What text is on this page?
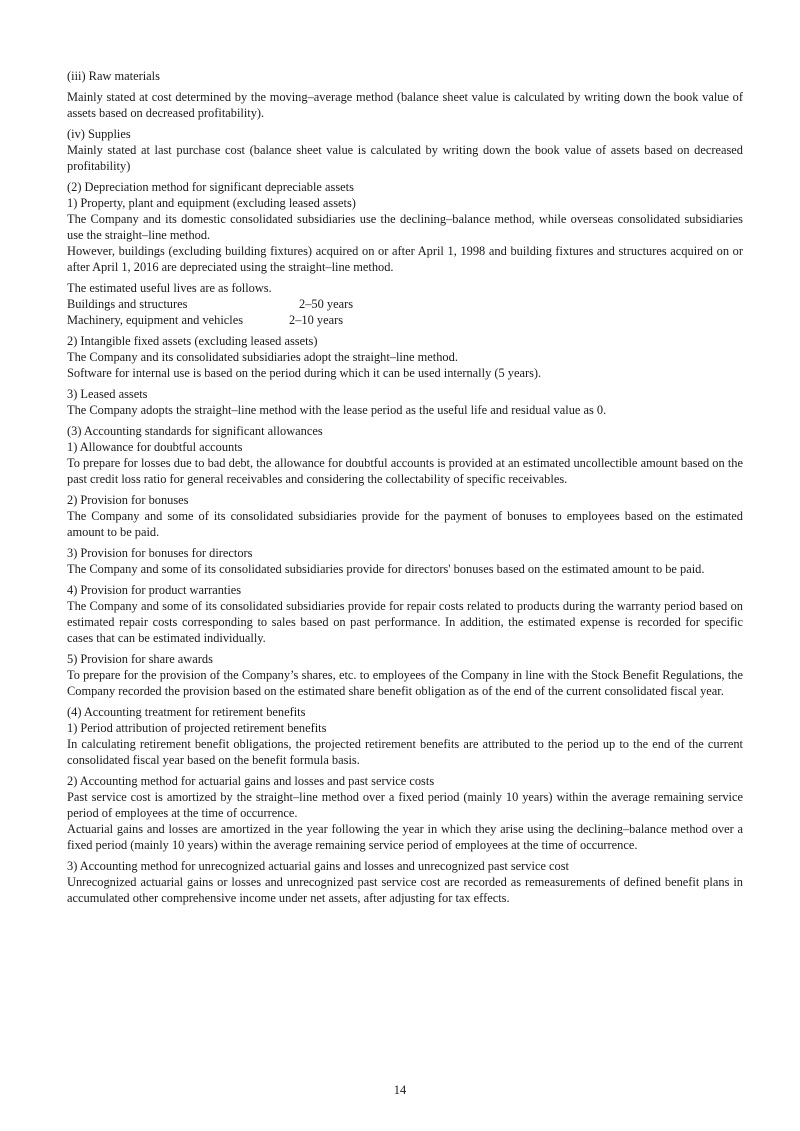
(iii) Raw materials

Mainly stated at cost determined by the moving–average method (balance sheet value is calculated by writing down the book value of assets based on decreased profitability).

(iv) Supplies

Mainly stated at last purchase cost (balance sheet value is calculated by writing down the book value of assets based on decreased profitability)

(2) Depreciation method for significant depreciable assets
1) Property, plant and equipment (excluding leased assets)

The Company and its domestic consolidated subsidiaries use the declining–balance method, while overseas consolidated subsidiaries use the straight–line method.

However, buildings (excluding building fixtures) acquired on or after April 1, 1998 and building fixtures and structures acquired on or after April 1, 2016 are depreciated using the straight–line method.

The estimated useful lives are as follows.
Buildings and structures	2–50 years
Machinery, equipment and vehicles	2–10 years
2) Intangible fixed assets (excluding leased assets)

The Company and its consolidated subsidiaries adopt the straight–line method.

Software for internal use is based on the period during which it can be used internally (5 years).

3) Leased assets

The Company adopts the straight–line method with the lease period as the useful life and residual value as 0.

(3) Accounting standards for significant allowances
1) Allowance for doubtful accounts

To prepare for losses due to bad debt, the allowance for doubtful accounts is provided at an estimated uncollectible amount based on the past credit loss ratio for general receivables and considering the collectability of specific receivables.

2) Provision for bonuses

The Company and some of its consolidated subsidiaries provide for the payment of bonuses to employees based on the estimated amount to be paid.

3) Provision for bonuses for directors

The Company and some of its consolidated subsidiaries provide for directors' bonuses based on the estimated amount to be paid.

4) Provision for product warranties

The Company and some of its consolidated subsidiaries provide for repair costs related to products during the warranty period based on estimated repair costs corresponding to sales based on past performance. In addition, the estimated expense is recorded for specific cases that can be estimated individually.

5) Provision for share awards

To prepare for the provision of the Company’s shares, etc. to employees of the Company in line with the Stock Benefit Regulations, the Company recorded the provision based on the estimated share benefit obligation as of the end of the current consolidated fiscal year.

(4) Accounting treatment for retirement benefits
1) Period attribution of projected retirement benefits

In calculating retirement benefit obligations, the projected retirement benefits are attributed to the period up to the end of the current consolidated fiscal year based on the benefit formula basis.

2) Accounting method for actuarial gains and losses and past service costs

Past service cost is amortized by the straight–line method over a fixed period (mainly 10 years) within the average remaining service period of employees at the time of occurrence.

Actuarial gains and losses are amortized in the year following the year in which they arise using the declining–balance method over a fixed period (mainly 10 years) within the average remaining service period of employees at the time of occurrence.

3) Accounting method for unrecognized actuarial gains and losses and unrecognized past service cost

Unrecognized actuarial gains or losses and unrecognized past service cost are recorded as remeasurements of defined benefit plans in accumulated other comprehensive income under net assets, after adjusting for tax effects.

14
